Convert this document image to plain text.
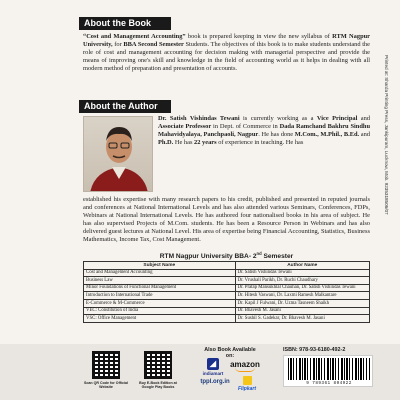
About the Book

“Cost and Management Accounting” book is prepared keeping in view the new syllabus of RTM Nagpur University, for BBA Second Semester Students. The objectives of this book is to make students understand the role of cost and management accounting for decision making with managerial perspective and provide the means of improving one's skill and knowledge in the field of accounting world as it helps in dealing with all modern method of preparation and presentation of accounts.

About the Author

Dr. Satish Vishindas Tewani is currently working as a Vice Principal and Associate Professor in Dept. of Commerce in Dada Ramchand Bakhru Sindhu Mahavidyalaya, Panchpaoli, Nagpur. He has done M.Com., M.Phil., B.Ed. and Ph.D. He has 22 years of experience in teaching. He has

established his expertise with many research papers to his credit, published and presented in reputed journals and conferences at National International Levels and has also attended various Seminars, Conferences, FDPs, Webinars at National International Levels. He has authored four nationalised books in his area of subject. He has also supervised Projects of M.Com. students. He has been a Resource Person in Webinars and has also delivered guest lectures at National Level. His area of expertise being Financial Accounting, Statistics, Business Mathematics, Income Tax, Cost Management.

RTM Nagpur University BBA- 2nd Semester
Subject Name	Author Name
Cost and Management Accounting	Dr. Satish Vishindas Tewani
Business Law	Dr. Vrushali Parikh, Dr. Ruchi Chaudhary
Minor Foundations of Functional Management	Dr. Pratap Mansukhlal Chauhan, Dr. Satish Vishindas Tewani
Introduction to International Trade	Dr. Hitesh Vaswani, Dr. Laxmi Ramesh Malkantare
E-Commerce & M-Commerce	Dr. Kapil J Fulwani, Dr. Uzma Tasneem Shaikh
VEC: Constitution of India	Dr. Bhavesh M. Jasani
VSC: Office Management	Dr. Sushil S. Gadekar, Dr. Bhavesh M. Jasani
Printed at: Sharda Printing Press, Jankipuram, Lucknow, Mob. 9235318506/07
Scan QR Code for Official Website
Buy E-Book Edition at Google Play Books
Also Book Available on:
◢
indiamart
amazon
tppl.org.in
Flipkart
ISBN: 978-93-6180-492-2
9 789361 804922
